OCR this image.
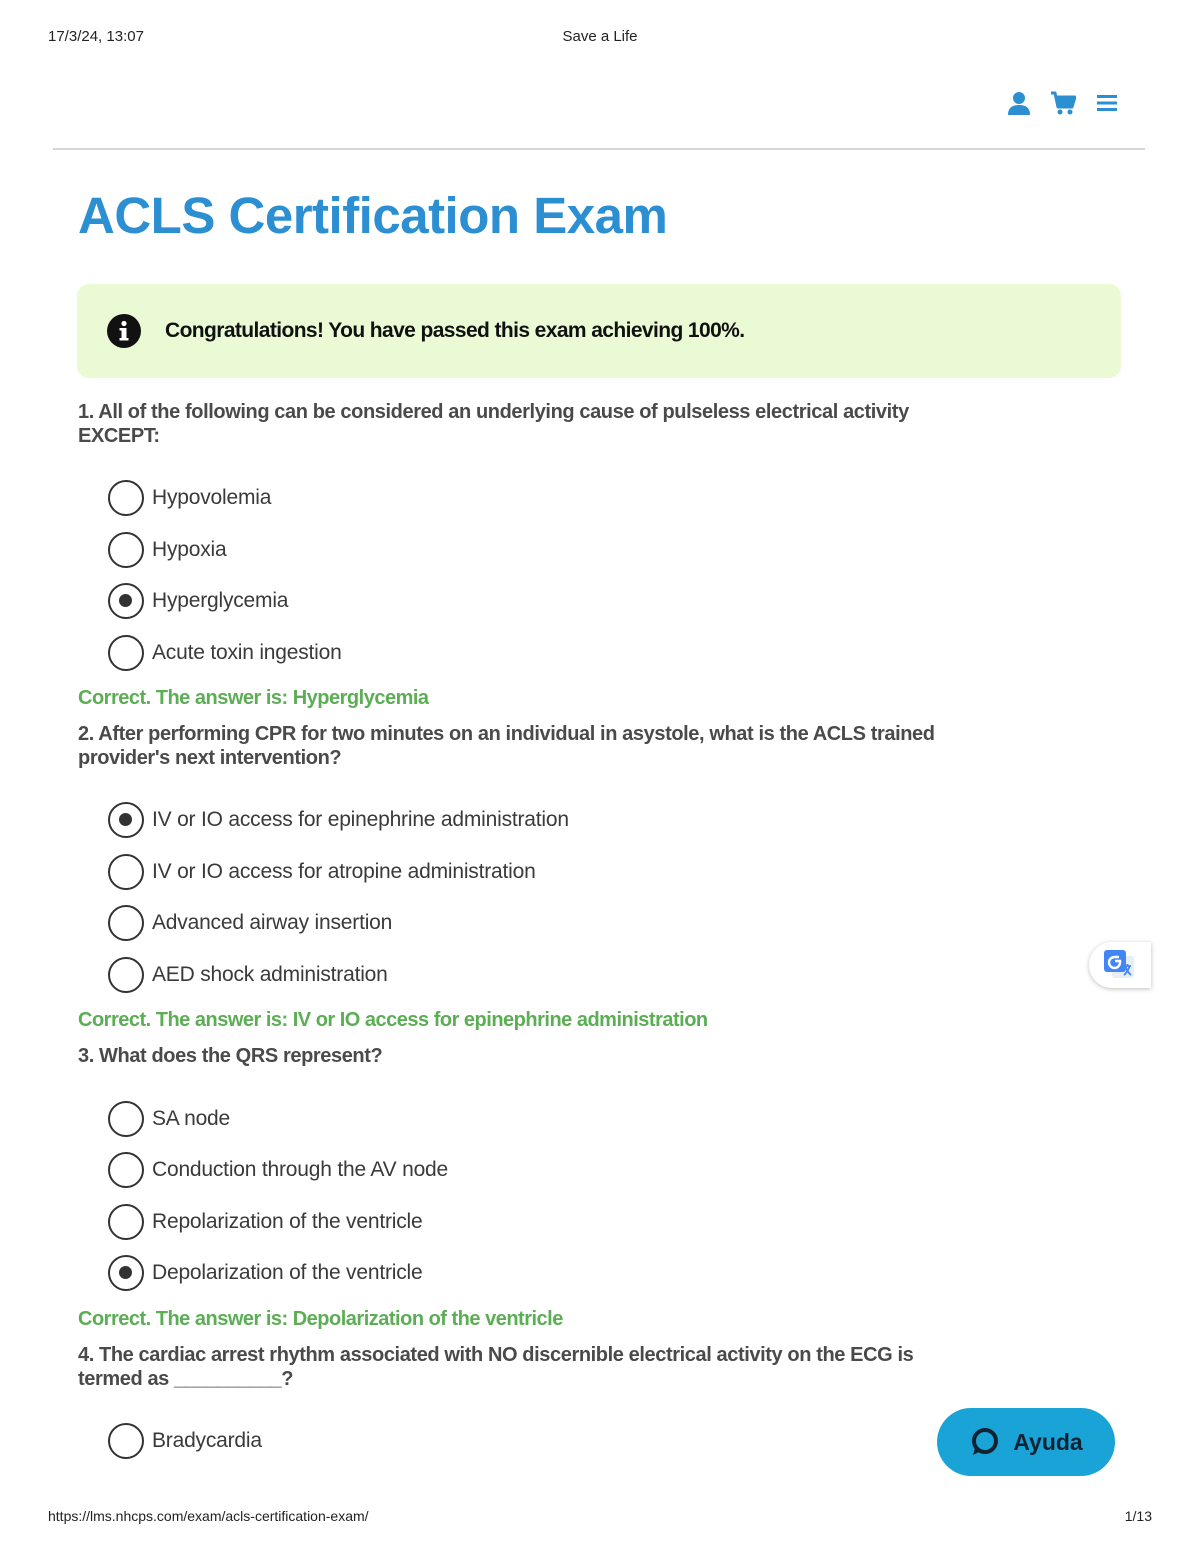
17/3/24, 13:07	Save a Life
ACLS Certification Exam
Congratulations! You have passed this exam achieving 100%.
1. All of the following can be considered an underlying cause of pulseless electrical activity
EXCEPT:
Hypovolemia
Hypoxia
Hyperglycemia
Acute toxin ingestion
Correct. The answer is: Hyperglycemia
2. After performing CPR for two minutes on an individual in asystole, what is the ACLS trained
provider's next intervention?
IV or IO access for epinephrine administration
IV or IO access for atropine administration
Advanced airway insertion
AED shock administration
Correct. The answer is: IV or IO access for epinephrine administration
3. What does the QRS represent?
SA node
Conduction through the AV node
Repolarization of the ventricle
Depolarization of the ventricle
Correct. The answer is: Depolarization of the ventricle
4. The cardiac arrest rhythm associated with NO discernible electrical activity on the ECG is
termed as __________?
Bradycardia	Ayuda
https://lms.nhcps.com/exam/acls-certification-exam/	1/13
